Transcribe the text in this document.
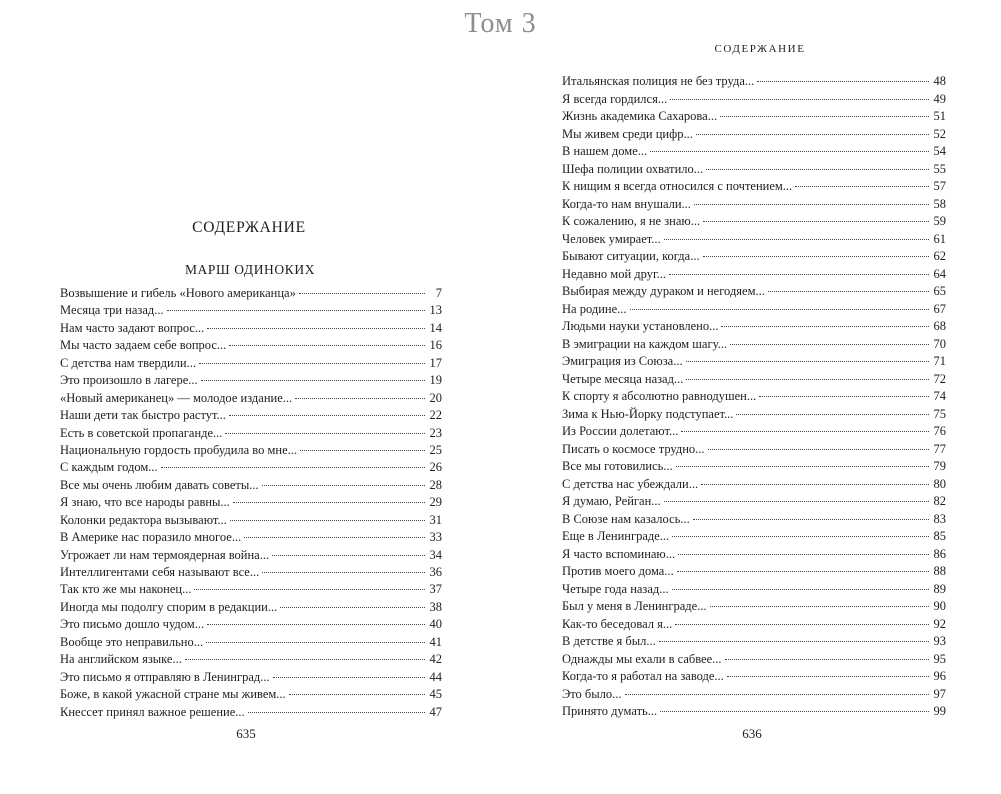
Том 3
СОДЕРЖАНИЕ
МАРШ ОДИНОКИХ
Возвышение и гибель «Нового американца»	7
Месяца три назад...	13
Нам часто задают вопрос...	14
Мы часто задаем себе вопрос...	16
С детства нам твердили...	17
Это произошло в лагере...	19
«Новый американец» — молодое издание...	20
Наши дети так быстро растут...	22
Есть в советской пропаганде...	23
Национальную гордость пробудила во мне...	25
С каждым годом...	26
Все мы очень любим давать советы...	28
Я знаю, что все народы равны...	29
Колонки редактора вызывают...	31
В Америке нас поразило многое...	33
Угрожает ли нам термоядерная война...	34
Интеллигентами себя называют все...	36
Так кто же мы наконец...	37
Иногда мы подолгу спорим в редакции...	38
Это письмо дошло чудом...	40
Вообще это неправильно...	41
На английском языке...	42
Это письмо я отправляю в Ленинград...	44
Боже, в какой ужасной стране мы живем...	45
Кнессет принял важное решение...	47
635
СОДЕРЖАНИЕ
Итальянская полиция не без труда...	48
Я всегда гордился...	49
Жизнь академика Сахарова...	51
Мы живем среди цифр...	52
В нашем доме...	54
Шефа полиции охватило...	55
К нищим я всегда относился с почтением...	57
Когда-то нам внушали...	58
К сожалению, я не знаю...	59
Человек умирает...	61
Бывают ситуации, когда...	62
Недавно мой друг...	64
Выбирая между дураком и негодяем...	65
На родине...	67
Людьми науки установлено...	68
В эмиграции на каждом шагу...	70
Эмиграция из Союза...	71
Четыре месяца назад...	72
К спорту я абсолютно равнодушен...	74
Зима к Нью-Йорку подступает...	75
Из России долетают...	76
Писать о космосе трудно...	77
Все мы готовились...	79
С детства нас убеждали...	80
Я думаю, Рейган...	82
В Союзе нам казалось...	83
Еще в Ленинграде...	85
Я часто вспоминаю...	86
Против моего дома...	88
Четыре года назад...	89
Был у меня в Ленинграде...	90
Как-то беседовал я...	92
В детстве я был...	93
Однажды мы ехали в сабвее...	95
Когда-то я работал на заводе...	96
Это было...	97
Принято думать...	99
636
